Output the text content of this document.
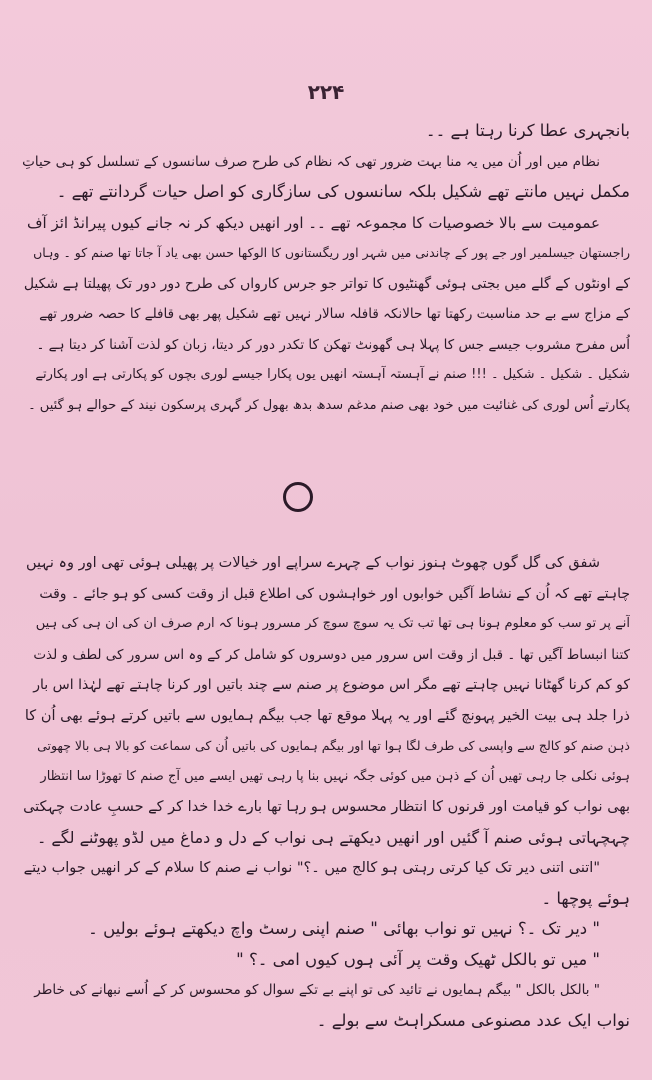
۲۲۴

بانجہری عطا کرنا رہتا ہے ۔۔
نظام میں اور اُن میں یہ منا بہت ضرور تھی کہ نظام کی طرح صرف سانسوں کے تسلسل کو ہی حیاتِ
مکمل نہیں مانتے تھے شکیل بلکہ سانسوں کی سازگاری کو اصل حیات گردانتے تھے ۔
عمومیت سے بالا خصوصیات کا مجموعہ تھے ۔۔ اور انھیں دیکھ کر نہ جانے کیوں پیرانڈ ائز آف
راجستھان جیسلمیر اور جے پور کے چاندنی میں شہر اور ریگستانوں کا الوکھا حسن بھی یاد آ جاتا تھا صنم کو ۔ وہاں
کے اونٹوں کے گلے میں بجتی ہوئی گھنٹیوں کا تواتر جو جرس کارواں کی طرح دور دور تک پھیلتا ہے شکیل
کے مزاج سے بے حد مناسبت رکھتا تھا حالانکہ قافلہ سالار نہیں تھے شکیل پھر بھی قافلے کا حصہ ضرور تھے
اُس مفرح مشروب جیسے جس کا پہلا ہی گھونٹ تھکن کا تکدر دور کر دیتا، زبان کو لذت آشنا کر دیتا ہے ۔
شکیل ۔ شکیل ۔ شکیل ۔ !!! صنم نے آہستہ آہستہ انھیں یوں پکارا جیسے لوری بچوں کو پکارتی ہے اور پکارتے
پکارتے اُس لوری کی غنائیت میں خود بھی صنم مدغم سدھ بدھ بھول کر گہری پرسکون نیند کے حوالے ہو گئیں ۔

شفق کی گل گوں چھوٹ ہنوز نواب کے چہرے سراپے اور خیالات پر پھیلی ہوئی تھی اور وہ نہیں
چاہتے تھے کہ اُن کے نشاط آگیں خوابوں اور خواہشوں کی اطلاع قبل از وقت کسی کو ہو جائے ۔ وقت
آنے پر تو سب کو معلوم ہونا ہی تھا تب تک یہ سوچ سوچ کر مسرور ہونا کہ ارم صرف ان کی ان ہی کی ہیں
کتنا انبساط آگیں تھا ۔ قبل از وقت اس سرور میں دوسروں کو شامل کر کے وہ اس سرور کی لطف و لذت
کو کم کرنا گھٹانا نہیں چاہتے تھے مگر اس موضوع پر صنم سے چند باتیں اور کرنا چاہتے تھے لہٰذا اس بار
ذرا جلد ہی بیت الخیر پہونچ گئے اور یہ پہلا موقع تھا جب بیگم ہمایوں سے باتیں کرتے ہوئے بھی اُن کا
ذہن صنم کو کالج سے واپسی کی طرف لگا ہوا تھا اور بیگم ہمایوں کی باتیں اُن کی سماعت کو بالا ہی بالا چھوتی
ہوئی نکلی جا رہی تھیں اُن کے ذہن میں کوئی جگہ نہیں بنا پا رہی تھیں ایسے میں آج صنم کا تھوڑا سا انتظار
بھی نواب کو قیامت اور قرنوں کا انتظار محسوس ہو رہا تھا بارے خدا خدا کر کے حسبِ عادت چہکتی
چہچہاتی ہوئی صنم آ گئیں اور انھیں دیکھتے ہی نواب کے دل و دماغ میں لڈو پھوٹنے لگے ۔
"اتنی اتنی دیر تک کیا کرتی رہتی ہو کالج میں ۔؟" نواب نے صنم کا سلام کے کر انھیں جواب دیتے
ہوئے پوچھا ۔
" دیر تک ۔؟ نہیں تو نواب بھائی " صنم اپنی رسٹ واچ دیکھتے ہوئے بولیں ۔
" میں تو بالکل ٹھیک وقت پر آئی ہوں کیوں امی ۔؟ "
" بالکل بالکل " بیگم ہمایوں نے تائید کی تو اپنے بے تکے سوال کو محسوس کر کے اُسے نبھانے کی خاطر
نواب ایک عدد مصنوعی مسکراہٹ سے بولے ۔
